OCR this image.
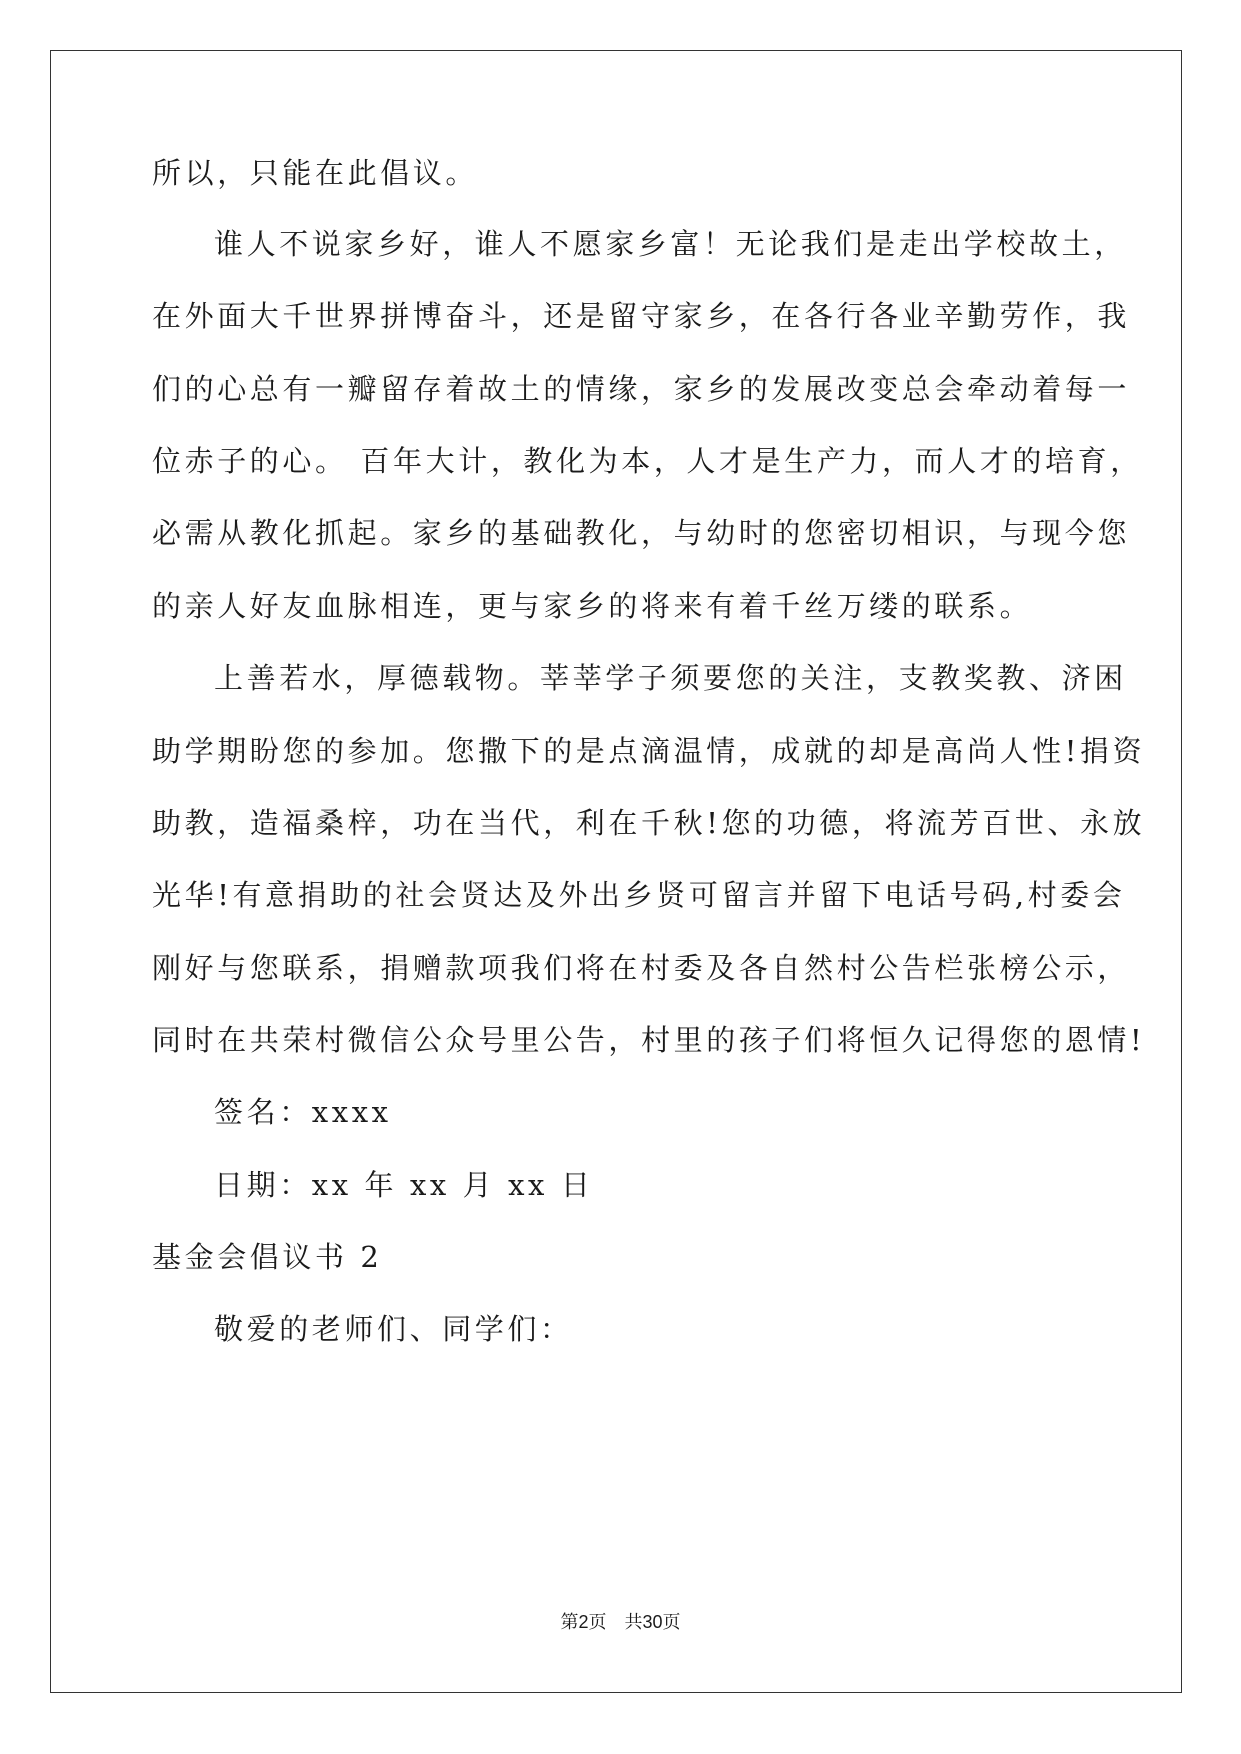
所以，只能在此倡议。
谁人不说家乡好，谁人不愿家乡富！无论我们是走出学校故土，
在外面大千世界拼博奋斗，还是留守家乡，在各行各业辛勤劳作，我
们的心总有一瓣留存着故土的情缘，家乡的发展改变总会牵动着每一
位赤子的心。 百年大计，教化为本，人才是生产力，而人才的培育，
必需从教化抓起。家乡的基础教化，与幼时的您密切相识，与现今您
的亲人好友血脉相连，更与家乡的将来有着千丝万缕的联系。
上善若水，厚德载物。莘莘学子须要您的关注，支教奖教、济困
助学期盼您的参加。您撒下的是点滴温情，成就的却是高尚人性!捐资
助教，造福桑梓，功在当代，利在千秋!您的功德，将流芳百世、永放
光华!有意捐助的社会贤达及外出乡贤可留言并留下电话号码,村委会
刚好与您联系，捐赠款项我们将在村委及各自然村公告栏张榜公示，
同时在共荣村微信公众号里公告，村里的孩子们将恒久记得您的恩情!
签名：xxxx
日期：xx 年 xx 月 xx 日
基金会倡议书 2
敬爱的老师们、同学们：
第2页　共30页
